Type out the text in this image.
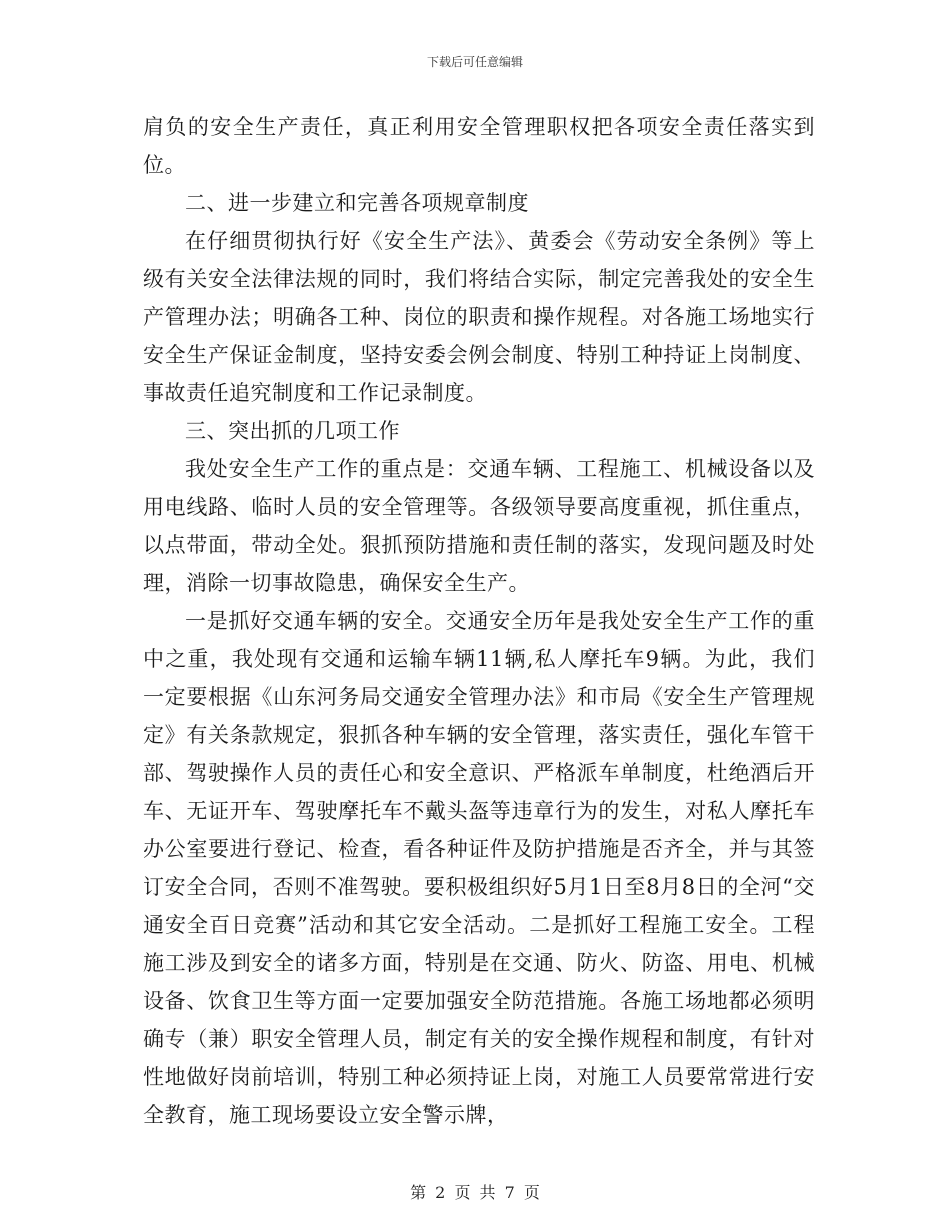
下载后可任意编辑

肩负的安全生产责任，真正利用安全管理职权把各项安全责任落实到位。

二、进一步建立和完善各项规章制度

在仔细贯彻执行好《安全生产法》、黄委会《劳动安全条例》等上级有关安全法律法规的同时，我们将结合实际，制定完善我处的安全生产管理办法；明确各工种、岗位的职责和操作规程。对各施工场地实行安全生产保证金制度，坚持安委会例会制度、特别工种持证上岗制度、事故责任追究制度和工作记录制度。

三、突出抓的几项工作

我处安全生产工作的重点是：交通车辆、工程施工、机械设备以及用电线路、临时人员的安全管理等。各级领导要高度重视，抓住重点，以点带面，带动全处。狠抓预防措施和责任制的落实，发现问题及时处理，消除一切事故隐患，确保安全生产。

一是抓好交通车辆的安全。交通安全历年是我处安全生产工作的重中之重，我处现有交通和运输车辆11辆,私人摩托车9辆。为此，我们一定要根据《山东河务局交通安全管理办法》和市局《安全生产管理规定》有关条款规定，狠抓各种车辆的安全管理，落实责任，强化车管干部、驾驶操作人员的责任心和安全意识、严格派车单制度，杜绝酒后开车、无证开车、驾驶摩托车不戴头盔等违章行为的发生，对私人摩托车办公室要进行登记、检查，看各种证件及防护措施是否齐全，并与其签订安全合同，否则不准驾驶。要积极组织好5月1日至8月8日的全河“交通安全百日竞赛”活动和其它安全活动。二是抓好工程施工安全。工程施工涉及到安全的诸多方面，特别是在交通、防火、防盗、用电、机械设备、饮食卫生等方面一定要加强安全防范措施。各施工场地都必须明确专（兼）职安全管理人员，制定有关的安全操作规程和制度，有针对性地做好岗前培训，特别工种必须持证上岗，对施工人员要常常进行安全教育，施工现场要设立安全警示牌，

第 2 页 共 7 页
